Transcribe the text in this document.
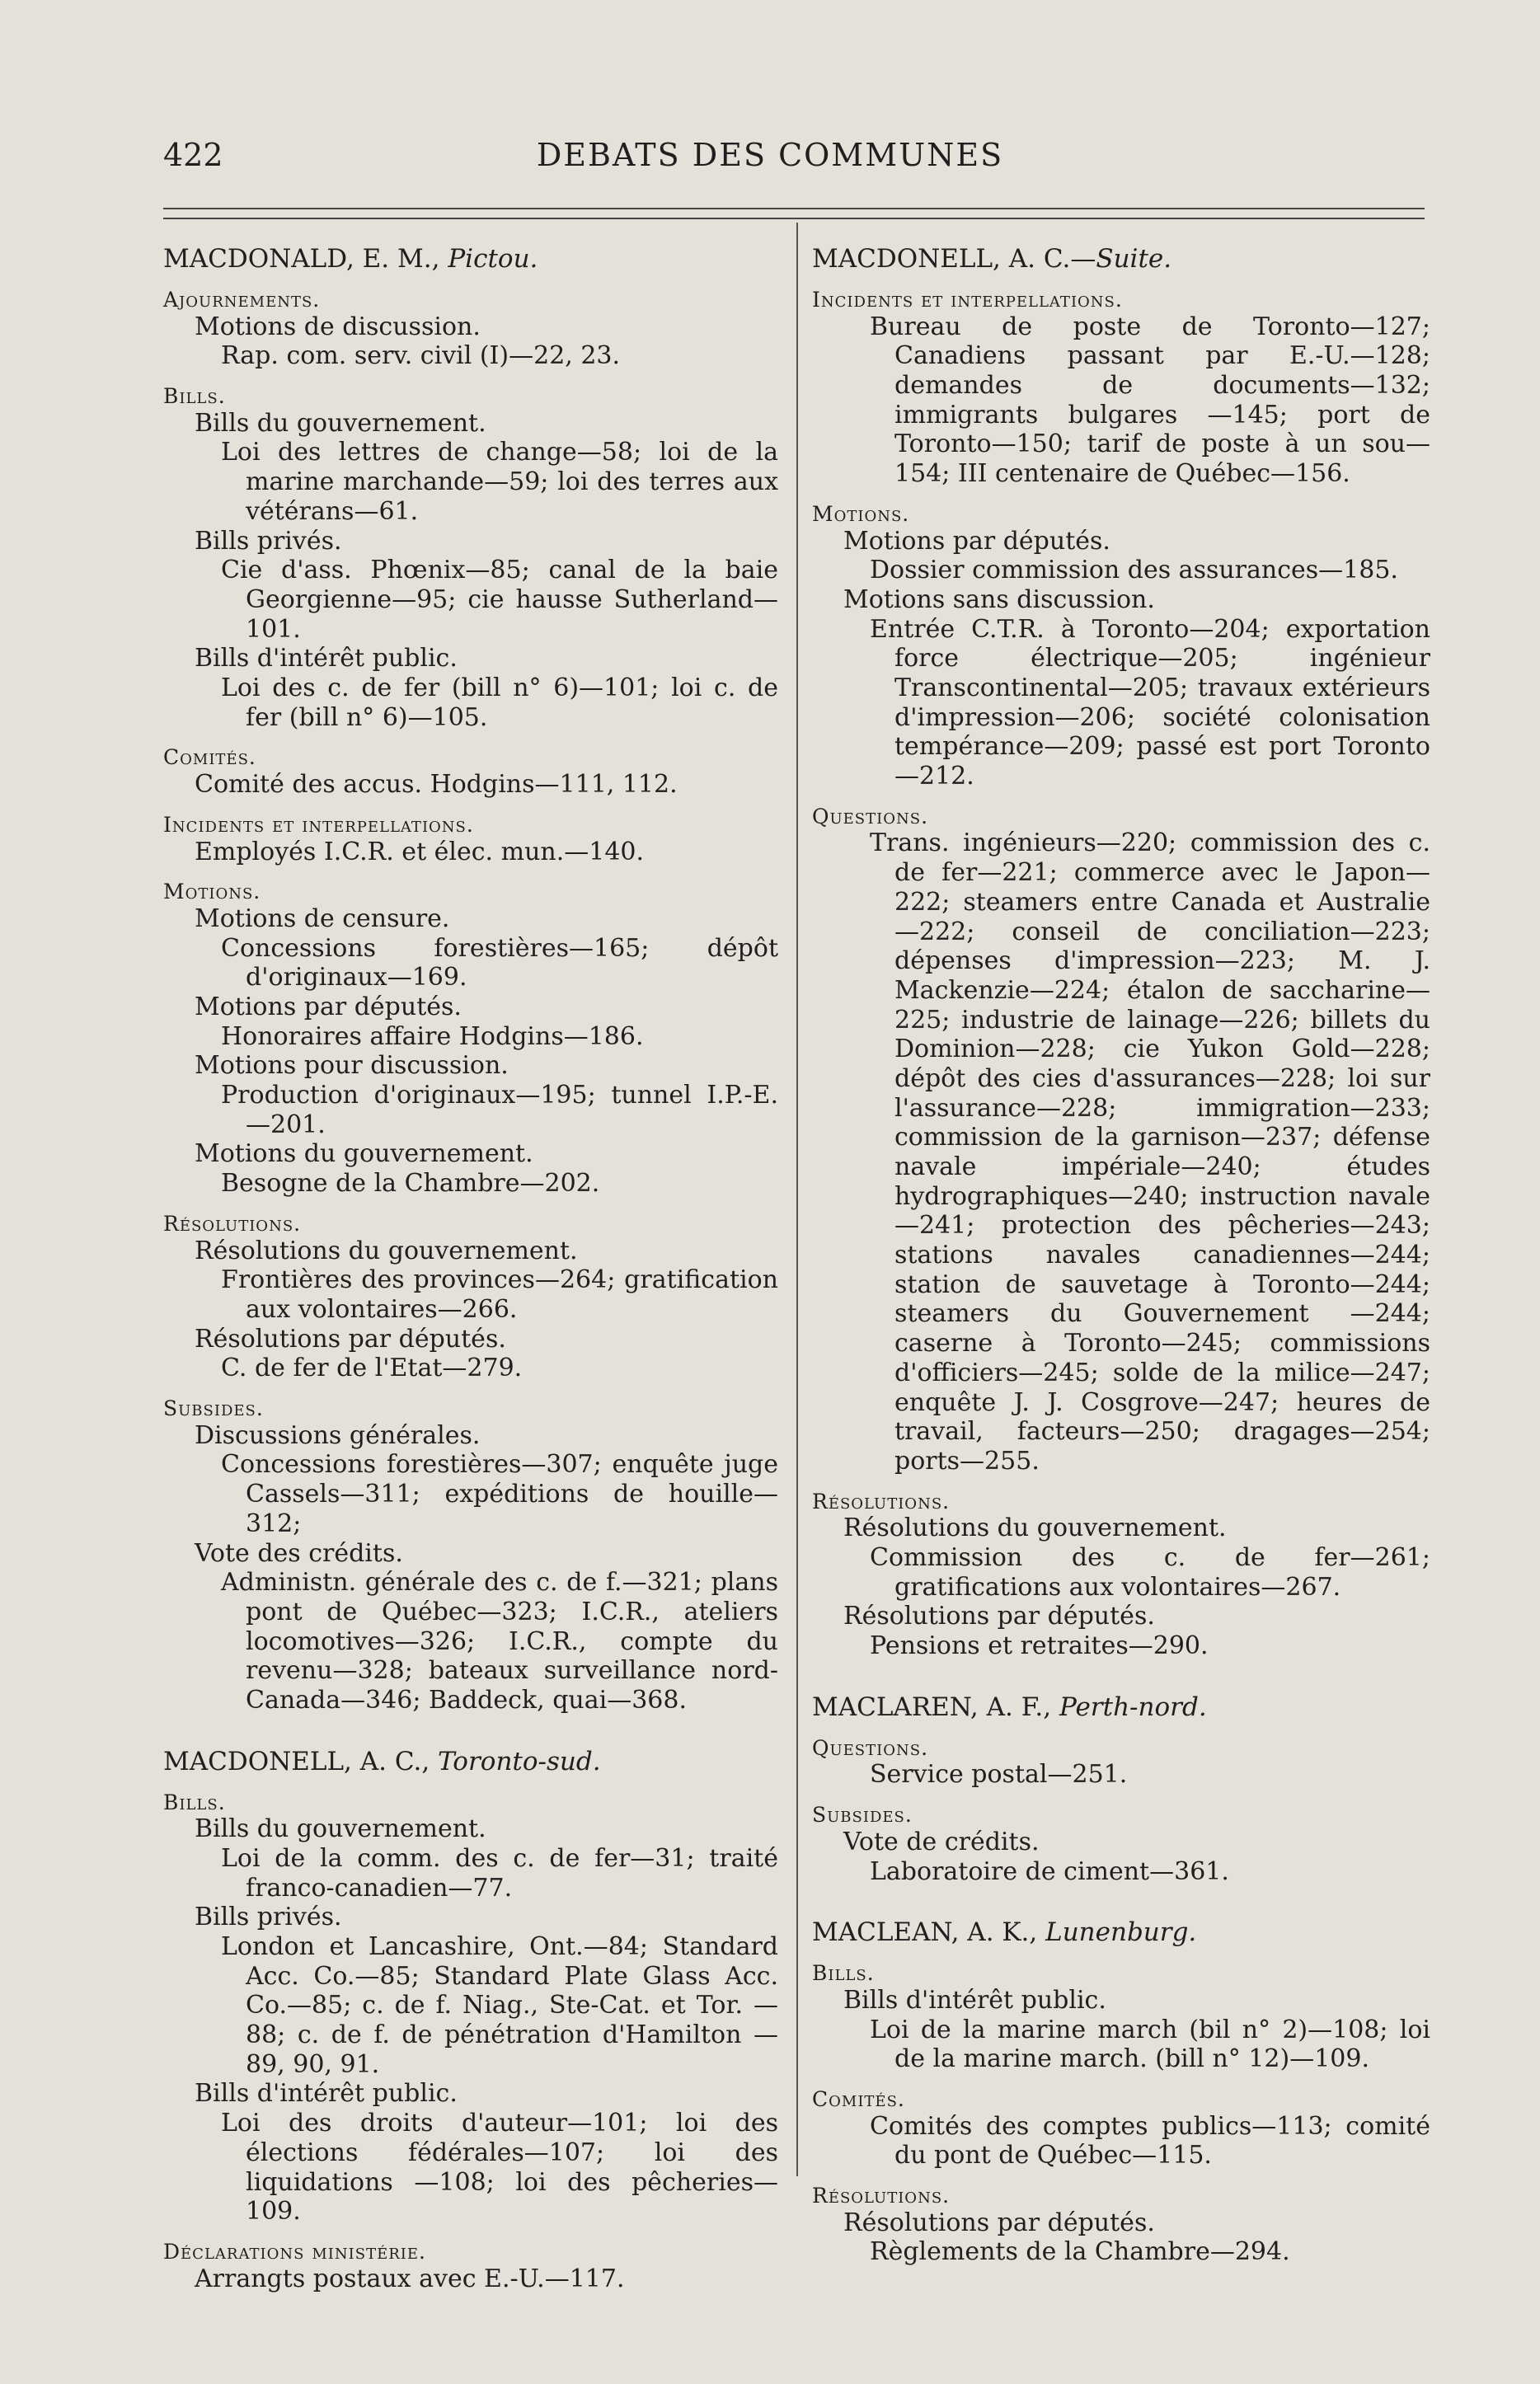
422	DEBATS DES COMMUNES
MACDONALD, E. M., Pictou.
Ajournements.
Motions de discussion.
Rap. com. serv. civil (I)—22, 23.
Bills.
Bills du gouvernement.
Loi des lettres de change—58; loi de la marine marchande—59; loi des terres aux vétérans—61.
Bills privés.
Cie d'ass. Phœnix—85; canal de la baie Georgienne—95; cie hausse Sutherland—101.
Bills d'intérêt public.
Loi des c. de fer (bill n° 6)—101; loi c. de fer (bill n° 6)—105.
Comités.
Comité des accus. Hodgins—111, 112.
Incidents et interpellations.
Employés I.C.R. et élec. mun.—140.
Motions.
Motions de censure.
Concessions forestières—165; dépôt d'originaux—169.
Motions par députés.
Honoraires affaire Hodgins—186.
Motions pour discussion.
Production d'originaux—195; tunnel I.P.-E.—201.
Motions du gouvernement.
Besogne de la Chambre—202.
Résolutions.
Résolutions du gouvernement.
Frontières des provinces—264; gratification aux volontaires—266.
Résolutions par députés.
C. de fer de l'Etat—279.
Subsides.
Discussions générales.
Concessions forestières—307; enquête juge Cassels—311; expéditions de houille—312;
Vote des crédits.
Administn. générale des c. de f.—321; plans pont de Québec—323; I.C.R., ateliers locomotives—326; I.C.R., compte du revenu—328; bateaux surveillance nord-Canada—346; Baddeck, quai—368.
MACDONELL, A. C., Toronto-sud.
Bills.
Bills du gouvernement.
Loi de la comm. des c. de fer—31; traité franco-canadien—77.
Bills privés.
London et Lancashire, Ont.—84; Standard Acc. Co.—85; Standard Plate Glass Acc. Co.—85; c. de f. Niag., Ste-Cat. et Tor. —88; c. de f. de pénétration d'Hamilton —89, 90, 91.
Bills d'intérêt public.
Loi des droits d'auteur—101; loi des élections fédérales—107; loi des liquidations —108; loi des pêcheries—109.
Déclarations ministérie.
Arrangts postaux avec E.-U.—117.
MACDONELL, A. C.—Suite.
Incidents et interpellations.
Bureau de poste de Toronto—127; Canadiens passant par E.-U.—128; demandes de documents—132; immigrants bulgares —145; port de Toronto—150; tarif de poste à un sou—154; III centenaire de Québec—156.
Motions.
Motions par députés.
Dossier commission des assurances—185.
Motions sans discussion.
Entrée C.T.R. à Toronto—204; exportation force électrique—205; ingénieur Transcontinental—205; travaux extérieurs d'impression—206; société colonisation tempérance—209; passé est port Toronto —212.
Questions.
Trans. ingénieurs—220; commission des c. de fer—221; commerce avec le Japon—222; steamers entre Canada et Australie —222; conseil de conciliation—223; dépenses d'impression—223; M. J. Mackenzie—224; étalon de saccharine—225; industrie de lainage—226; billets du Dominion—228; cie Yukon Gold—228; dépôt des cies d'assurances—228; loi sur l'assurance—228; immigration—233; commission de la garnison—237; défense navale impériale—240; études hydrographiques—240; instruction navale—241; protection des pêcheries—243; stations navales canadiennes—244; station de sauvetage à Toronto—244; steamers du Gouvernement —244; caserne à Toronto—245; commissions d'officiers—245; solde de la milice—247; enquête J. J. Cosgrove—247; heures de travail, facteurs—250; dragages—254; ports—255.
Résolutions.
Résolutions du gouvernement.
Commission des c. de fer—261; gratifications aux volontaires—267.
Résolutions par députés.
Pensions et retraites—290.
MACLAREN, A. F., Perth-nord.
Questions.
Service postal—251.
Subsides.
Vote de crédits.
Laboratoire de ciment—361.
MACLEAN, A. K., Lunenburg.
Bills.
Bills d'intérêt public.
Loi de la marine march (bil n° 2)—108; loi de la marine march. (bill n° 12)—109.
Comités.
Comités des comptes publics—113; comité du pont de Québec—115.
Résolutions.
Résolutions par députés.
Règlements de la Chambre—294.
